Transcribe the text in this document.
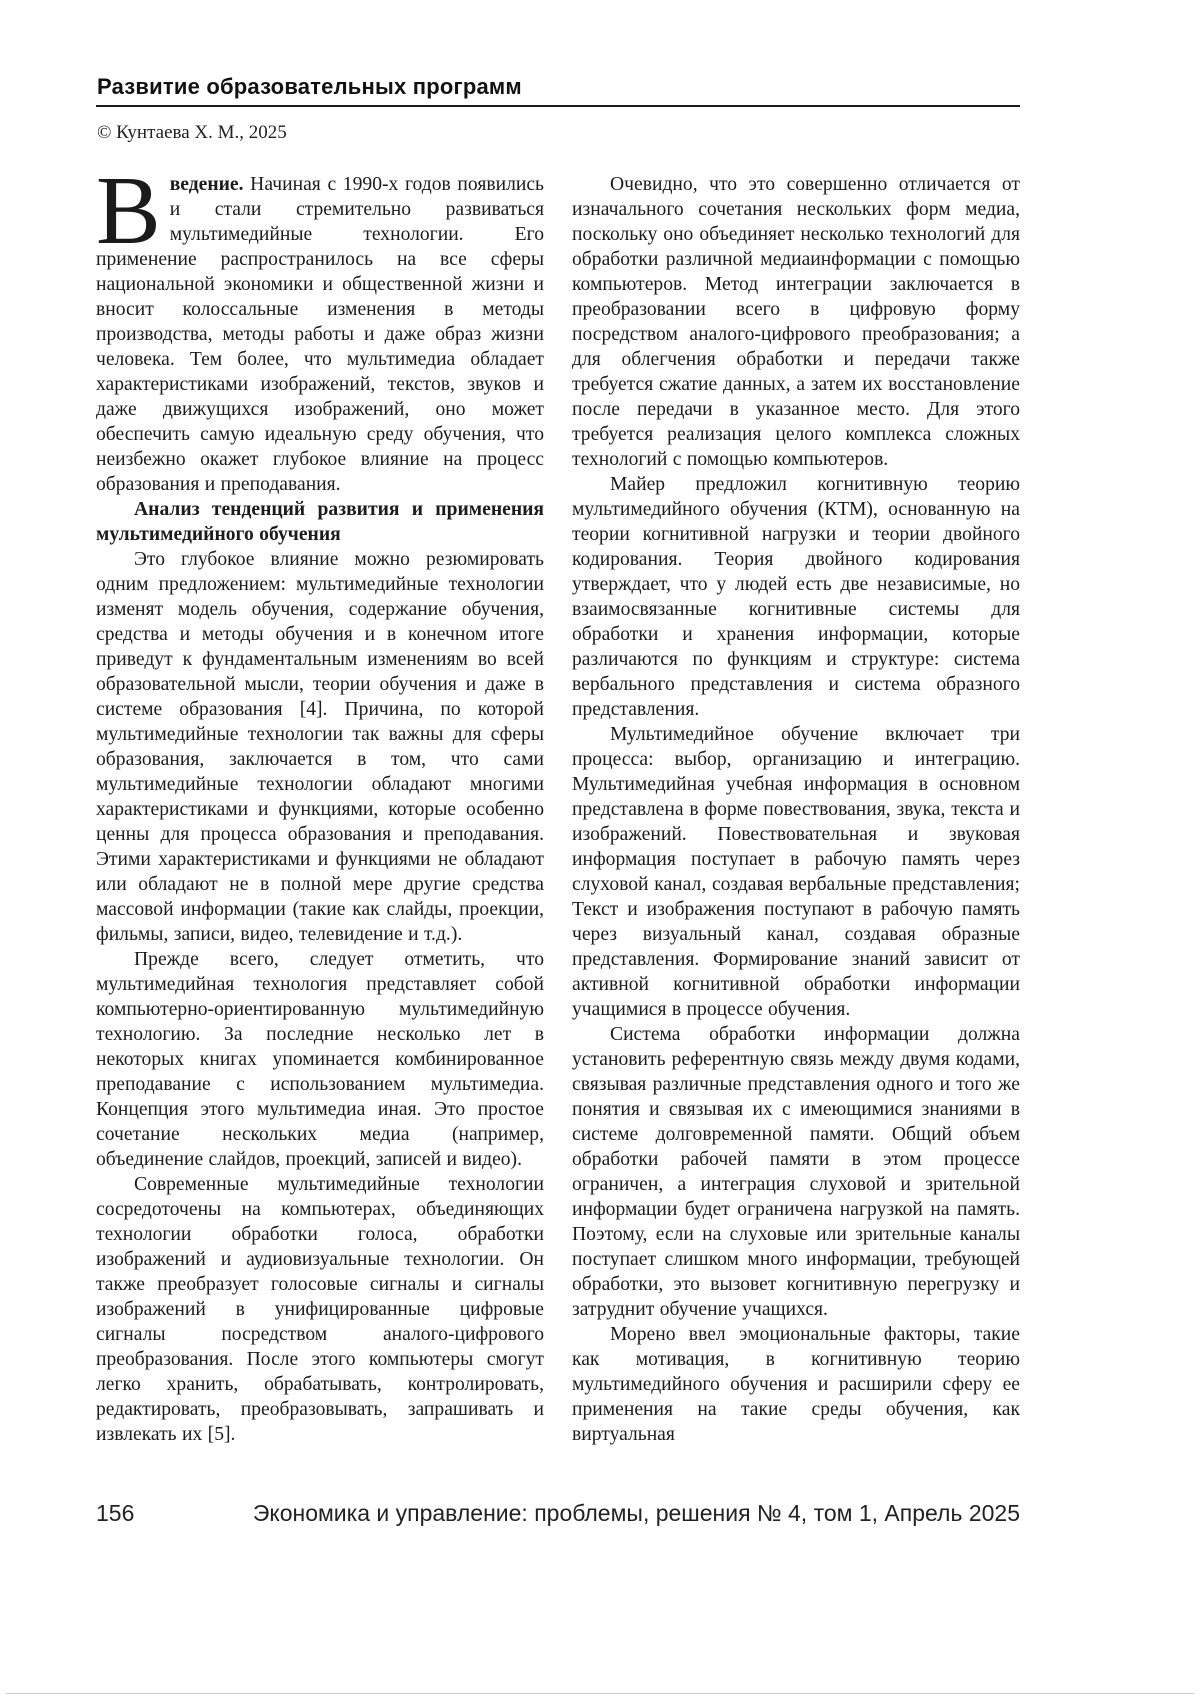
Развитие образовательных программ
© Кунтаева Х. М., 2025

Введение. Начиная с 1990-х годов появились и стали стремительно развиваться мультимедийные технологии. Его применение распространилось на все сферы национальной экономики и общественной жизни и вносит колоссальные изменения в методы производства, методы работы и даже образ жизни человека. Тем более, что мультимедиа обладает характеристиками изображений, текстов, звуков и даже движущихся изображений, оно может обеспечить самую идеальную среду обучения, что неизбежно окажет глубокое влияние на процесс образования и преподавания.

Анализ тенденций развития и применения мультимедийного обучения

Это глубокое влияние можно резюмировать одним предложением: мультимедийные технологии изменят модель обучения, содержание обучения, средства и методы обучения и в конечном итоге приведут к фундаментальным изменениям во всей образовательной мысли, теории обучения и даже в системе образования [4]. Причина, по которой мультимедийные технологии так важны для сферы образования, заключается в том, что сами мультимедийные технологии обладают многими характеристиками и функциями, которые особенно ценны для процесса образования и преподавания. Этими характеристиками и функциями не обладают или обладают не в полной мере другие средства массовой информации (такие как слайды, проекции, фильмы, записи, видео, телевидение и т.д.).

Прежде всего, следует отметить, что мультимедийная технология представляет собой компьютерно-ориентированную мультимедийную технологию. За последние несколько лет в некоторых книгах упоминается комбинированное преподавание с использованием мультимедиа. Концепция этого мультимедиа иная. Это простое сочетание нескольких медиа (например, объединение слайдов, проекций, записей и видео).

Современные мультимедийные технологии сосредоточены на компьютерах, объединяющих технологии обработки голоса, обработки изображений и аудиовизуальные технологии. Он также преобразует голосовые сигналы и сигналы изображений в унифицированные цифровые сигналы посредством аналого-цифрового преобразования. После этого компьютеры смогут легко хранить, обрабатывать, контролировать, редактировать, преобразовывать, запрашивать и извлекать их [5].

Очевидно, что это совершенно отличается от изначального сочетания нескольких форм медиа, поскольку оно объединяет несколько технологий для обработки различной медиаинформации с помощью компьютеров. Метод интеграции заключается в преобразовании всего в цифровую форму посредством аналого-цифрового преобразования; а для облегчения обработки и передачи также требуется сжатие данных, а затем их восстановление после передачи в указанное место. Для этого требуется реализация целого комплекса сложных технологий с помощью компьютеров.

Майер предложил когнитивную теорию мультимедийного обучения (КТМ), основанную на теории когнитивной нагрузки и теории двойного кодирования. Теория двойного кодирования утверждает, что у людей есть две независимые, но взаимосвязанные когнитивные системы для обработки и хранения информации, которые различаются по функциям и структуре: система вербального представления и система образного представления.

Мультимедийное обучение включает три процесса: выбор, организацию и интеграцию. Мультимедийная учебная информация в основном представлена в форме повествования, звука, текста и изображений. Повествовательная и звуковая информация поступает в рабочую память через слуховой канал, создавая вербальные представления; Текст и изображения поступают в рабочую память через визуальный канал, создавая образные представления. Формирование знаний зависит от активной когнитивной обработки информации учащимися в процессе обучения.

Система обработки информации должна установить референтную связь между двумя кодами, связывая различные представления одного и того же понятия и связывая их с имеющимися знаниями в системе долговременной памяти. Общий объем обработки рабочей памяти в этом процессе ограничен, а интеграция слуховой и зрительной информации будет ограничена нагрузкой на память. Поэтому, если на слуховые или зрительные каналы поступает слишком много информации, требующей обработки, это вызовет когнитивную перегрузку и затруднит обучение учащихся.

Морено ввел эмоциональные факторы, такие как мотивация, в когнитивную теорию мультимедийного обучения и расширили сферу ее применения на такие среды обучения, как виртуальная

156	Экономика и управление: проблемы, решения № 4, том 1, Апрель 2025
